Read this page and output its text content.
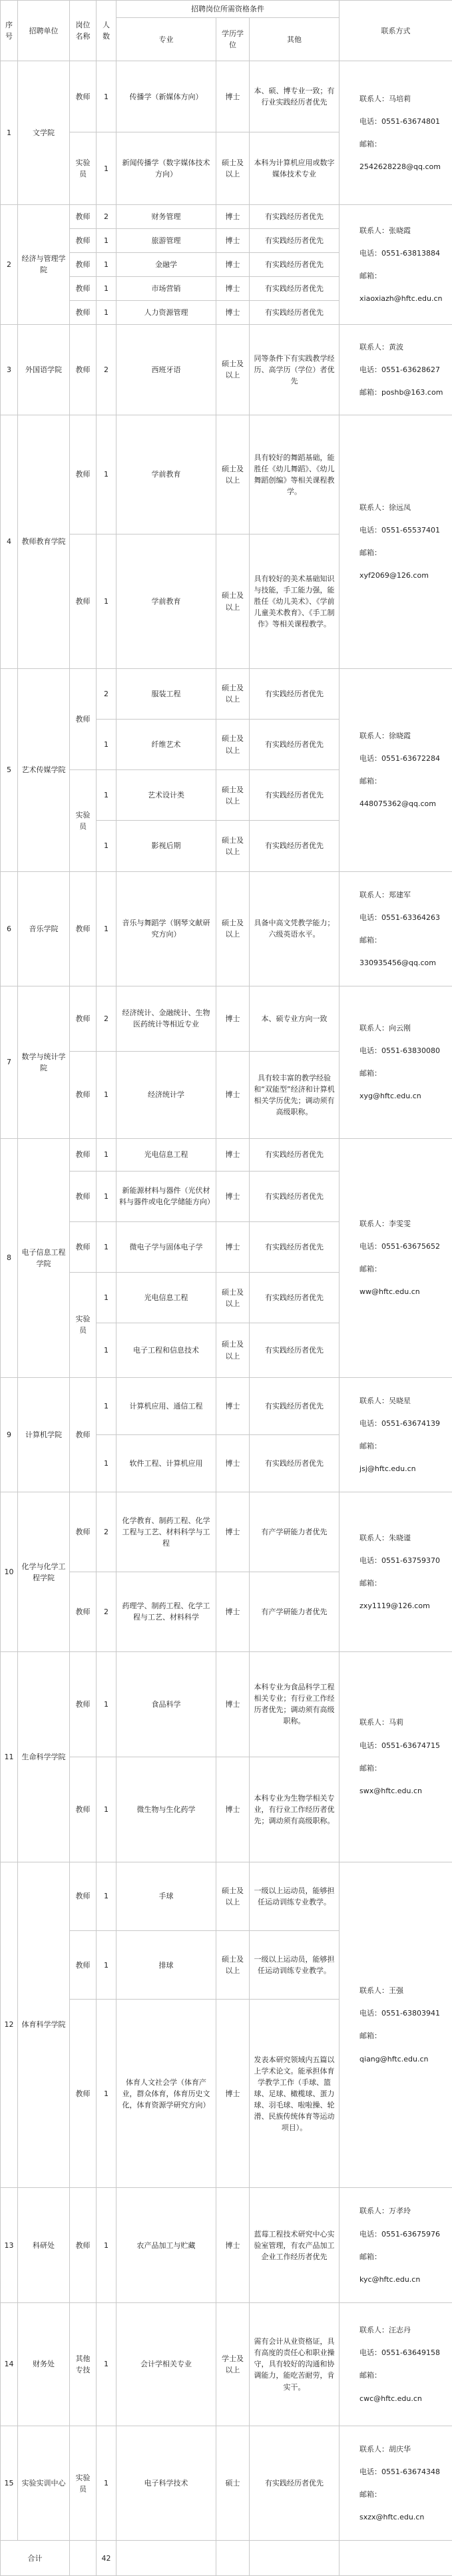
序号	招聘单位	岗位名称	人数	招聘岗位所需资格条件			联系方式
				专业	学历学位	其他	
1	文学院	教师	1	传播学（新媒体方向）	博士	本、硕、博专业一致；有行业实践经历者优先	联系人：马培莉

电话：0551-63674801

邮箱：

2542628228@qq.com

		实验员	1	新闻传播学（数字媒体技术方向）	硕士及以上	本科为计算机应用或数字媒体技术专业	
2	经济与管理学院	教师	2	财务管理	博士	有实践经历者优先	联系人：张晓霞

电话：0551-63813884

邮箱：

xiaoxiazh@hftc.edu.cn

		教师	1	旅游管理	博士	有实践经历者优先	
		教师	1	金融学	博士	有实践经历者优先	
		教师	1	市场营销	博士	有实践经历者优先	
		教师	1	人力资源管理	博士	有实践经历者优先	
3	外国语学院	教师	2	西班牙语	硕士及以上	同等条件下有实践教学经历、高学历（学位）者优先	联系人：黄波

电话：0551-63628627

邮箱：poshb@163.com

4	教师教育学院	教师	1	学前教育	硕士及以上	具有较好的舞蹈基础，能胜任《幼儿舞蹈》、《幼儿舞蹈创编》等相关课程教学。	联系人：徐远凤

电话：0551-65537401

邮箱：

xyf2069@126.com

		教师	1	学前教育	硕士及以上	具有较好的美术基础知识与技能，手工能力强，能胜任《幼儿美术》、《学前儿童美术教育》、《手工制作》等相关课程教学。	
5	艺术传媒学院	教师	2	服装工程	硕士及以上	有实践经历者优先	联系人：徐晓霞

电话：0551-63672284

邮箱：

448075362@qq.com

			1	纤维艺术	硕士及以上	有实践经历者优先	
		实验员	1	艺术设计类	硕士及以上	有实践经历者优先	
			1	影视后期	硕士及以上	有实践经历者优先	
6	音乐学院	教师	1	音乐与舞蹈学（钢琴文献研究方向）	硕士及以上	具备中高文凭教学能力；六级英语水平。	联系人：郑建军

电话：0551-63364263

邮箱：

330935456@qq.com

7	数学与统计学院	教师	2	经济统计、金融统计、生物医药统计等相近专业	博士	本、硕专业方向一致	联系人：向云刚

电话：0551-63830080

邮箱：

xyg@hftc.edu.cn

		教师	1	经济统计学	博士	具有较丰富的教学经验和“双能型”经济和计算机相关学历优先；调动须有高级职称。	
8	电子信息工程学院	教师	1	光电信息工程	博士	有实践经历者优先	联系人：李雯雯

电话：0551-63675652

邮箱：

ww@hftc.edu.cn

		教师	1	新能源材料与器件（光伏材料与器件或电化学储能方向）	博士	有实践经历者优先	
		教师	1	微电子学与固体电子学	博士	有实践经历者优先	
		实验员	1	光电信息工程	硕士及以上	有实践经历者优先	
			1	电子工程和信息技术	硕士及以上	有实践经历者优先	
9	计算机学院	教师	1	计算机应用、通信工程	博士	有实践经历者优先	联系人：吴晓星

电话：0551-63674139

邮箱：

jsj@hftc.edu.cn

			1	软件工程、计算机应用	博士	有实践经历者优先	
10	化学与化学工程学院	教师	2	化学教育、制药工程、化学工程与工艺、材料科学与工程	博士	有产学研能力者优先	联系人：朱晓谨

电话：0551-63759370

邮箱：

zxy1119@126.com

		教师	2	药理学、制药工程、化学工程与工艺、材料科学	博士	有产学研能力者优先	
11	生命科学学院	教师	1	食品科学	博士	本科专业为食品科学工程相关专业；有行业工作经历者优先；调动须有高级职称。	联系人：马莉

电话：0551-63674715

邮箱：

swx@hftc.edu.cn

		教师	1	微生物与生化药学	博士	本科专业为生物学相关专业，有行业工作经历者优先；调动须有高级职称。	
12	体育科学学院	教师	1	手球	硕士及以上	一级以上运动员，能够担任运动训练专业教学。	联系人：王强

电话：0551-63803941

邮箱：

qiang@hftc.edu.cn

		教师	1	排球	硕士及以上	一级以上运动员，能够担任运动训练专业教学。	
		教师	1	体育人文社会学（体育产业，群众体育，体育历史文化，体育资源学研究方向）	博士	发表本研究领域内五篇以上学术论文。能承担体育学教学工作（手球、篮球、足球、橄榄球、蛋力球、羽毛球、啦啦操、轮滑、民族传统体育等运动项目）。	
13	科研处	教师	1	农产品加工与贮藏	博士	蓝莓工程技术研究中心实验室管理，有农产品加工企业工作经历者优先	联系人：万孝玲

电话：0551-63675976

邮箱：

kyc@hftc.edu.cn

14	财务处	其他专技	1	会计学相关专业	学士及以上	需有会计从业资格证，具有高度的责任心和职业操守，具有较好的沟通和协调能力，能吃苦耐劳，肯实干。	联系人：汪志丹

电话：0551-63649158

邮箱：

cwc@hftc.edu.cn

15	实验实训中心	实验员	1	电子科学技术	硕士	有实践经历者优先	联系人：胡庆华

电话：0551-63674348

邮箱：

sxzx@hftc.edu.cn

合计			42				
